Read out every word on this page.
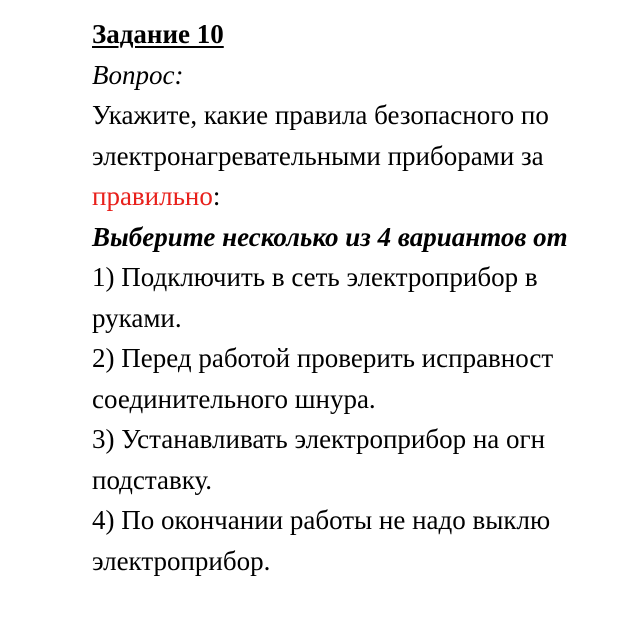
Задание 10
Вопрос:
Укажите, какие правила безопасного по
электронагревательными приборами за
правильно:
Выберите несколько из 4 вариантов от
1) Подключить в сеть электроприбор в
руками.
2) Перед работой проверить исправност
соединительного шнура.
3) Устанавливать электроприбор на огн
подставку.
4) По окончании работы не надо выклю
электроприбор.
